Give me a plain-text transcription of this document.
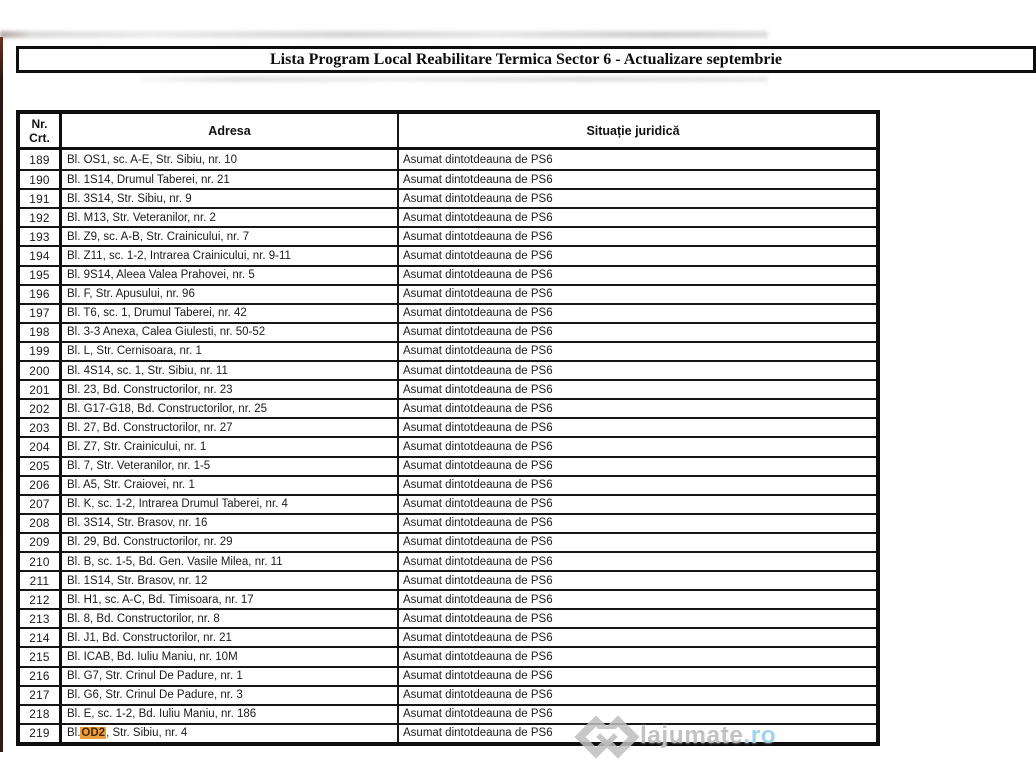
Lista Program Local Reabilitare Termica Sector 6 - Actualizare septembrie
Nr.
Crt.	Adresa	Situație juridică
189	Bl. OS1, sc. A-E, Str. Sibiu, nr. 10	Asumat dintotdeauna de PS6
190	Bl. 1S14, Drumul Taberei, nr. 21	Asumat dintotdeauna de PS6
191	Bl. 3S14, Str. Sibiu, nr. 9	Asumat dintotdeauna de PS6
192	Bl. M13, Str. Veteranilor, nr. 2	Asumat dintotdeauna de PS6
193	Bl. Z9, sc. A-B, Str. Crainicului, nr. 7	Asumat dintotdeauna de PS6
194	Bl. Z11, sc. 1-2, Intrarea Crainicului, nr. 9-11	Asumat dintotdeauna de PS6
195	Bl. 9S14, Aleea Valea Prahovei, nr. 5	Asumat dintotdeauna de PS6
196	Bl. F, Str. Apusului, nr. 96	Asumat dintotdeauna de PS6
197	Bl. T6, sc. 1, Drumul Taberei, nr. 42	Asumat dintotdeauna de PS6
198	Bl. 3-3 Anexa, Calea Giulesti, nr. 50-52	Asumat dintotdeauna de PS6
199	Bl. L, Str. Cernisoara, nr. 1	Asumat dintotdeauna de PS6
200	Bl. 4S14, sc. 1, Str. Sibiu, nr. 11	Asumat dintotdeauna de PS6
201	Bl. 23, Bd. Constructorilor, nr. 23	Asumat dintotdeauna de PS6
202	Bl. G17-G18, Bd. Constructorilor, nr. 25	Asumat dintotdeauna de PS6
203	Bl. 27, Bd. Constructorilor, nr. 27	Asumat dintotdeauna de PS6
204	Bl. Z7, Str. Crainicului, nr. 1	Asumat dintotdeauna de PS6
205	Bl. 7, Str. Veteranilor, nr. 1-5	Asumat dintotdeauna de PS6
206	Bl. A5, Str. Craiovei, nr. 1	Asumat dintotdeauna de PS6
207	Bl. K, sc. 1-2, Intrarea Drumul Taberei, nr. 4	Asumat dintotdeauna de PS6
208	Bl. 3S14, Str. Brasov, nr. 16	Asumat dintotdeauna de PS6
209	Bl. 29, Bd. Constructorilor, nr. 29	Asumat dintotdeauna de PS6
210	Bl. B, sc. 1-5, Bd. Gen. Vasile Milea, nr. 11	Asumat dintotdeauna de PS6
211	Bl. 1S14, Str. Brasov, nr. 12	Asumat dintotdeauna de PS6
212	Bl. H1, sc. A-C, Bd. Timisoara, nr. 17	Asumat dintotdeauna de PS6
213	Bl. 8, Bd. Constructorilor, nr. 8	Asumat dintotdeauna de PS6
214	Bl. J1, Bd. Constructorilor, nr. 21	Asumat dintotdeauna de PS6
215	Bl. ICAB, Bd. Iuliu Maniu, nr. 10M	Asumat dintotdeauna de PS6
216	Bl. G7, Str. Crinul De Padure, nr. 1	Asumat dintotdeauna de PS6
217	Bl. G6, Str. Crinul De Padure, nr. 3	Asumat dintotdeauna de PS6
218	Bl. E, sc. 1-2, Bd. Iuliu Maniu, nr. 186	Asumat dintotdeauna de PS6
219	Bl. OD2 , Str. Sibiu, nr. 4	Asumat dintotdeauna de PS6	lajumate.ro
